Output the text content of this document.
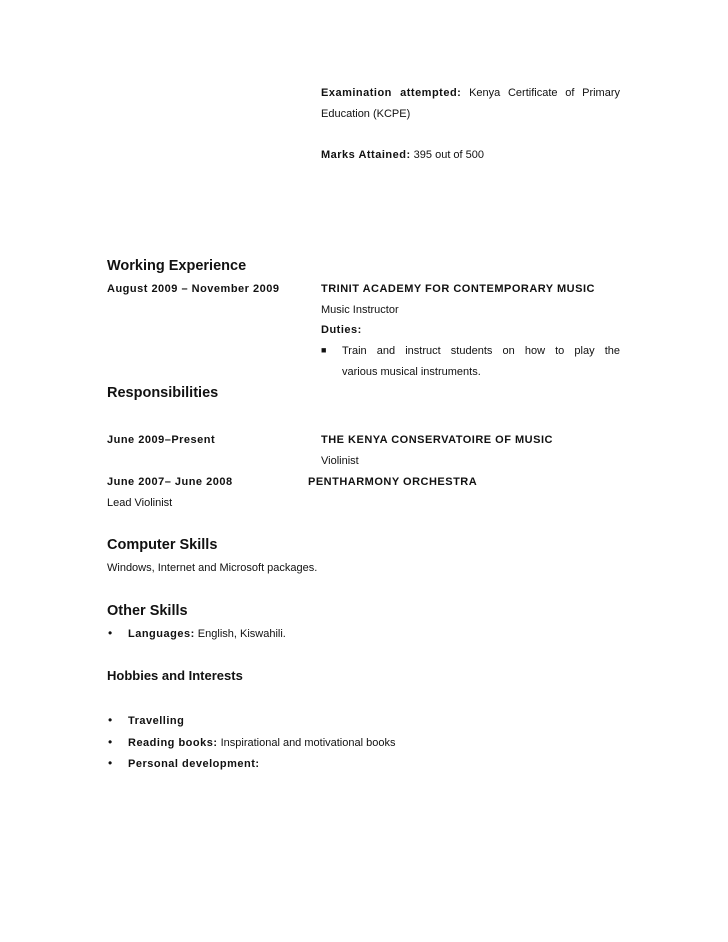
Examination attempted: Kenya Certificate of Primary
Education (KCPE)
Marks Attained: 395 out of 500
Working Experience
August 2009 – November 2009	TRINIT ACADEMY FOR CONTEMPORARY MUSIC
Music Instructor
Duties:
■ Train and instruct students on how to play the
various musical instruments.
Responsibilities
June 2009–Present	THE KENYA CONSERVATOIRE OF MUSIC
Violinist
June 2007– June 2008	PENTHARMONY ORCHESTRA
Lead Violinist
Computer Skills
Windows, Internet and Microsoft packages.
Other Skills
• Languages: English, Kiswahili.
Hobbies and Interests
• Travelling
• Reading books: Inspirational and motivational books
• Personal development:
